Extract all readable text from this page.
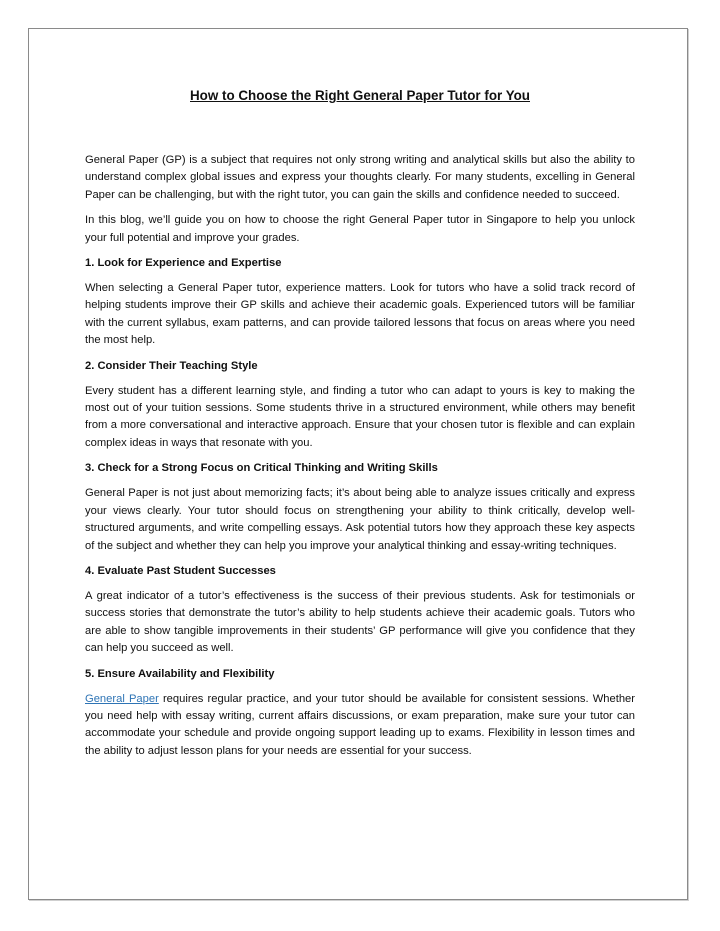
How to Choose the Right General Paper Tutor for You

General Paper (GP) is a subject that requires not only strong writing and analytical skills but also the ability to understand complex global issues and express your thoughts clearly. For many students, excelling in General Paper can be challenging, but with the right tutor, you can gain the skills and confidence needed to succeed.

In this blog, we’ll guide you on how to choose the right General Paper tutor in Singapore to help you unlock your full potential and improve your grades.

1. Look for Experience and Expertise

When selecting a General Paper tutor, experience matters. Look for tutors who have a solid track record of helping students improve their GP skills and achieve their academic goals. Experienced tutors will be familiar with the current syllabus, exam patterns, and can provide tailored lessons that focus on areas where you need the most help.

2. Consider Their Teaching Style

Every student has a different learning style, and finding a tutor who can adapt to yours is key to making the most out of your tuition sessions. Some students thrive in a structured environment, while others may benefit from a more conversational and interactive approach. Ensure that your chosen tutor is flexible and can explain complex ideas in ways that resonate with you.

3. Check for a Strong Focus on Critical Thinking and Writing Skills

General Paper is not just about memorizing facts; it’s about being able to analyze issues critically and express your views clearly. Your tutor should focus on strengthening your ability to think critically, develop well-structured arguments, and write compelling essays. Ask potential tutors how they approach these key aspects of the subject and whether they can help you improve your analytical thinking and essay-writing techniques.

4. Evaluate Past Student Successes

A great indicator of a tutor’s effectiveness is the success of their previous students. Ask for testimonials or success stories that demonstrate the tutor’s ability to help students achieve their academic goals. Tutors who are able to show tangible improvements in their students’ GP performance will give you confidence that they can help you succeed as well.

5. Ensure Availability and Flexibility

General Paper requires regular practice, and your tutor should be available for consistent sessions. Whether you need help with essay writing, current affairs discussions, or exam preparation, make sure your tutor can accommodate your schedule and provide ongoing support leading up to exams. Flexibility in lesson times and the ability to adjust lesson plans for your needs are essential for your success.
